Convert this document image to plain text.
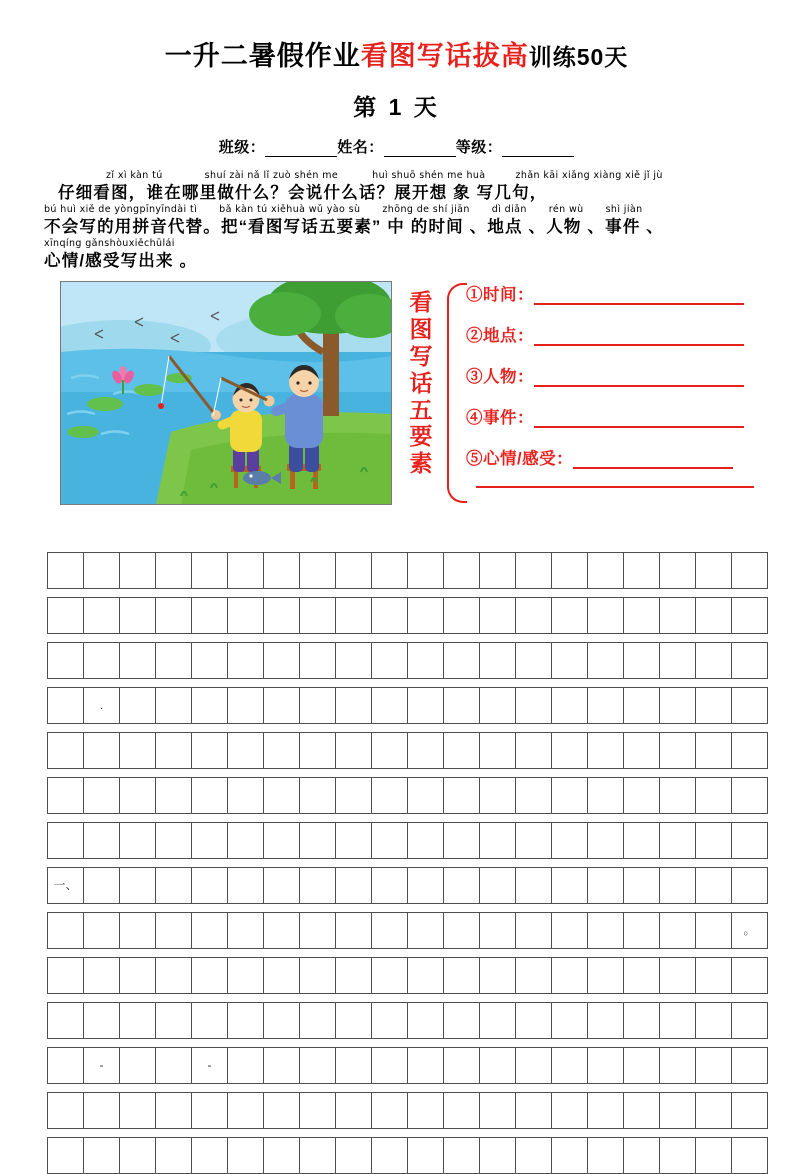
一升二暑假作业看图写话拔高训练50天
第 1 天
班级：	姓名：	等级：
zǐ xì kàn tú	shuí zài nǎ lǐ zuò shén me	huì shuō shén me huà	zhǎn kāi xiǎng xiàng xiě jǐ jù
仔细看图，谁在哪里做什么？会说什么话？展开想 象 写几句，
bú huì xiě de yòngpīnyīndài tì bǎ kàn tú xiěhuà wǔ yào sù zhōng de shí jiān dì diǎn rén wù shì jiàn
不会写的用拼音代替。把“看图写话五要素” 中 的时间 、地点 、人物 、事件 、
xīnqíng gǎnshòuxiěchūlái
心情/感受写出来 。
看
图
写
话
五
要
素
①时间：
②地点：
③人物：
④事件：
⑤心情/感受：

	.																		

一、																			

																			。

	-			-															
